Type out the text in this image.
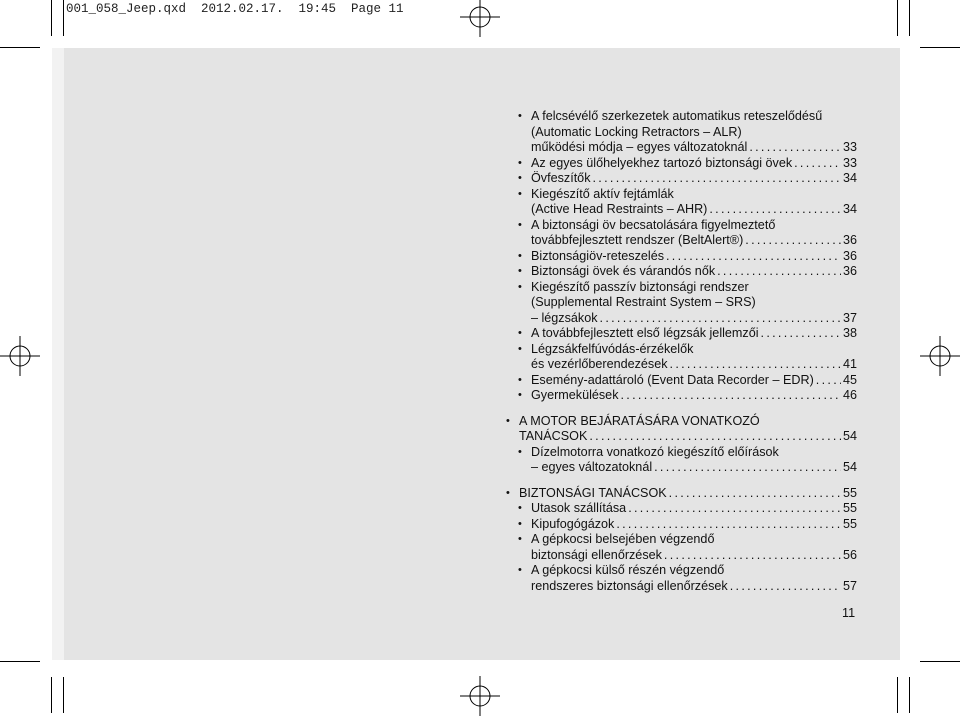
001_058_Jeep.qxd  2012.02.17.  19:45  Page 11
• A felcsévélő szerkezetek automatikus reteszelődésű
(Automatic Locking Retractors – ALR)
működési módja – egyes változatoknál .....	33
• Az egyes ülőhelyekhez tartozó biztonsági övek .....	33
• Övfeszítők .....	34
• Kiegészítő aktív fejtámlák
(Active Head Restraints – AHR) .....	34
• A biztonsági öv becsatolására figyelmeztető
továbbfejlesztett rendszer (BeltAlert®) .....	36
• Biztonságiöv-reteszelés .....	36
• Biztonsági övek és várandós nők .....	36
• Kiegészítő passzív biztonsági rendszer
(Supplemental Restraint System – SRS)
– légzsákok .....	37
• A továbbfejlesztett első légzsák jellemzői .....	38
• Légzsákfelfúvódás-érzékelők
és vezérlőberendezések .....	41
• Esemény-adattároló (Event Data Recorder – EDR) ..... 45
• Gyermekülések .....	46
• A MOTOR BEJÁRATÁSÁRA VONATKOZÓ
TANÁCSOK .....	54
• Dízelmotorra vonatkozó kiegészítő előírások
– egyes változatoknál .....	54
• BIZTONSÁGI TANÁCSOK .....	55
• Utasok szállítása .....	55
• Kipufogógázok .....	55
• A gépkocsi belsejében végzendő
biztonsági ellenőrzések .....	56
• A gépkocsi külső részén végzendő
rendszeres biztonsági ellenőrzések .....	57
11
